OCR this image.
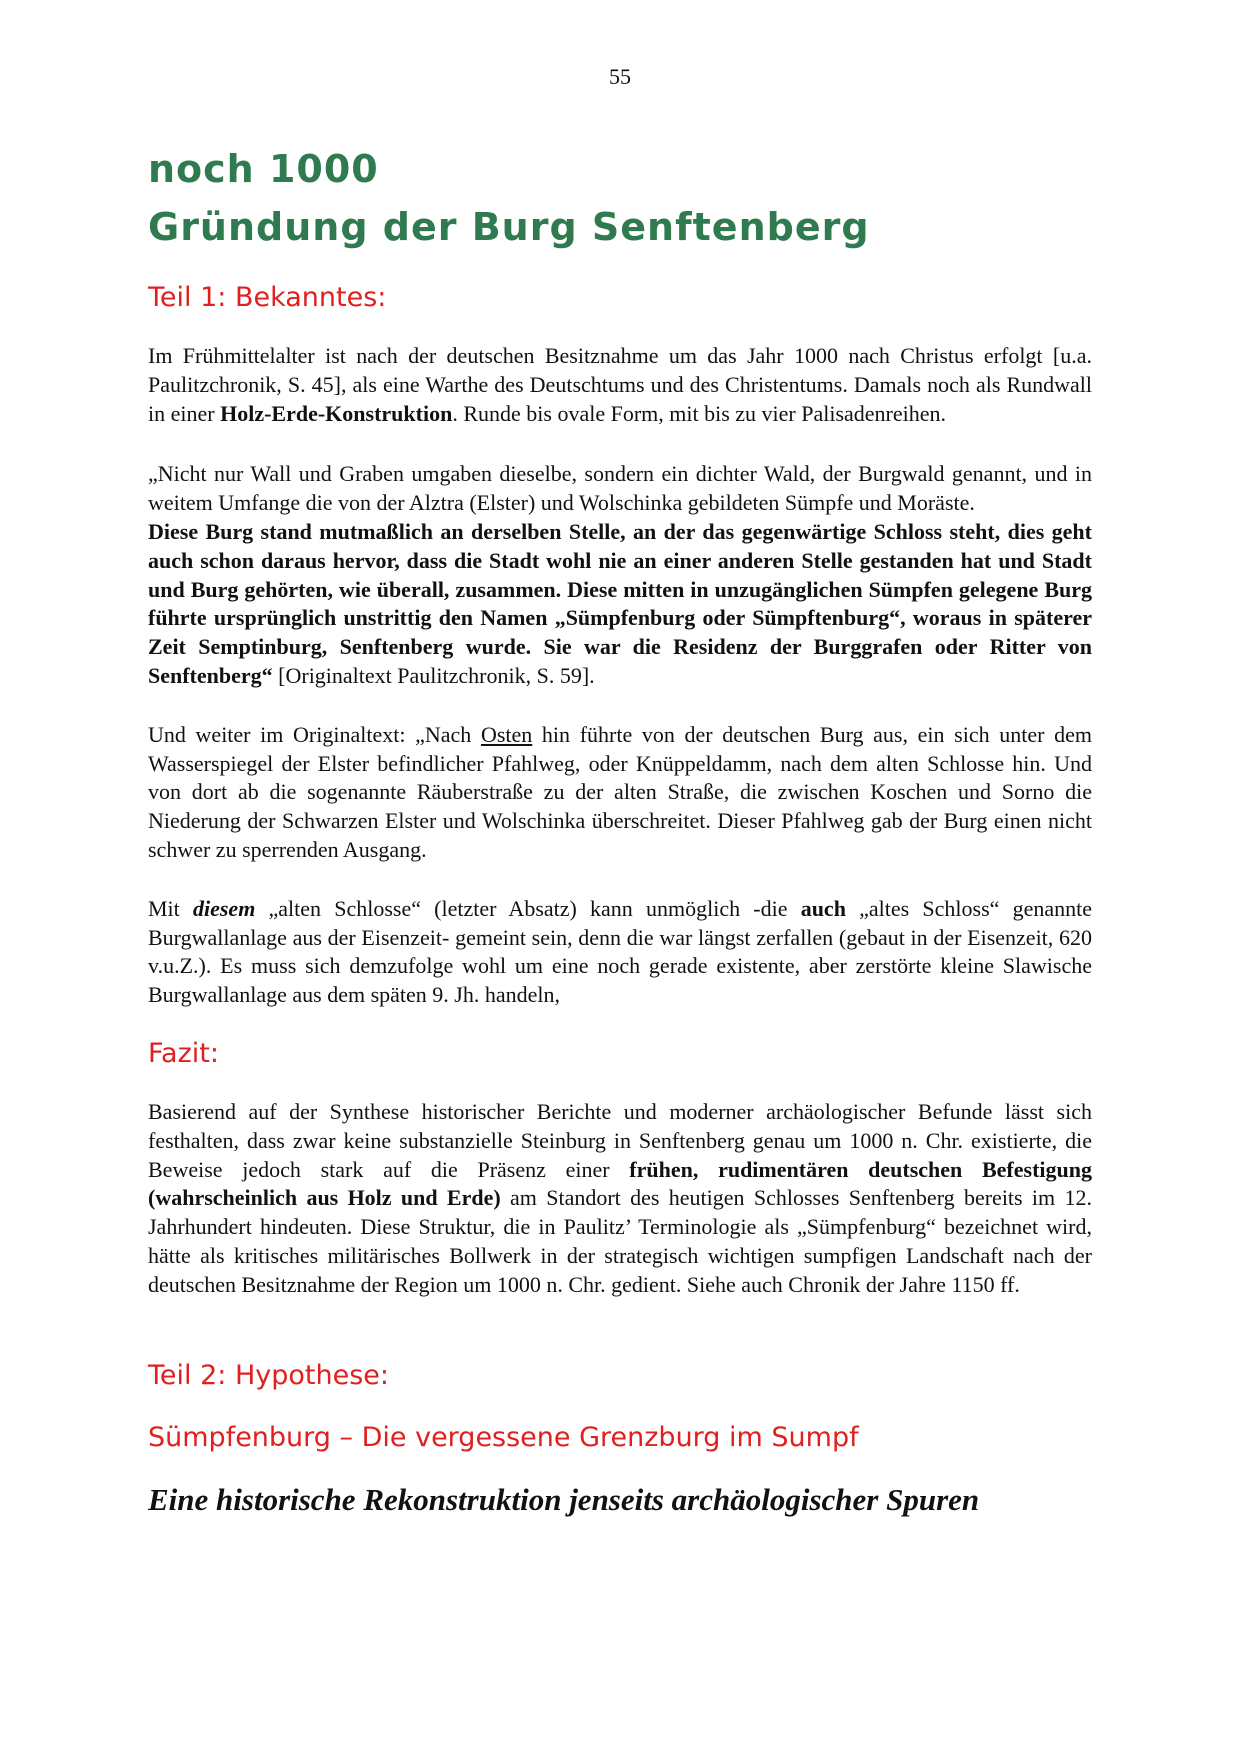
55
noch 1000
Gründung der Burg Senftenberg
Teil 1: Bekanntes:

Im Frühmittelalter ist nach der deutschen Besitznahme um das Jahr 1000 nach Christus erfolgt [u.a. Paulitzchronik, S. 45], als eine Warthe des Deutschtums und des Christentums. Damals noch als Rundwall in einer Holz-Erde-Konstruktion. Runde bis ovale Form, mit bis zu vier Palisadenreihen.

„Nicht nur Wall und Graben umgaben dieselbe, sondern ein dichter Wald, der Burgwald genannt, und in weitem Umfange die von der Alztra (Elster) und Wolschinka gebildeten Sümpfe und Moräste.

Diese Burg stand mutmaßlich an derselben Stelle, an der das gegenwärtige Schloss steht, dies geht auch schon daraus hervor, dass die Stadt wohl nie an einer anderen Stelle gestanden hat und Stadt und Burg gehörten, wie überall, zusammen. Diese mitten in unzugänglichen Sümpfen gelegene Burg führte ursprünglich unstrittig den Namen „Sümpfenburg oder Sümpftenburg“, woraus in späterer Zeit Semptinburg, Senftenberg wurde. Sie war die Residenz der Burggrafen oder Ritter von Senftenberg“ [Originaltext Paulitzchronik, S. 59].

Und weiter im Originaltext: „Nach Osten hin führte von der deutschen Burg aus, ein sich unter dem Wasserspiegel der Elster befindlicher Pfahlweg, oder Knüppeldamm, nach dem alten Schlosse hin. Und von dort ab die sogenannte Räuberstraße zu der alten Straße, die zwischen Koschen und Sorno die Niederung der Schwarzen Elster und Wolschinka überschreitet. Dieser Pfahlweg gab der Burg einen nicht schwer zu sperrenden Ausgang.

Mit diesem „alten Schlosse“ (letzter Absatz) kann unmöglich -die auch „altes Schloss“ genannte Burgwallanlage aus der Eisenzeit- gemeint sein, denn die war längst zerfallen (gebaut in der Eisenzeit, 620 v.u.Z.). Es muss sich demzufolge wohl um eine noch gerade existente, aber zerstörte kleine Slawische Burgwallanlage aus dem späten 9. Jh. handeln,

Fazit:

Basierend auf der Synthese historischer Berichte und moderner archäologischer Befunde lässt sich festhalten, dass zwar keine substanzielle Steinburg in Senftenberg genau um 1000 n. Chr. existierte, die Beweise jedoch stark auf die Präsenz einer frühen, rudimentären deutschen Befestigung (wahrscheinlich aus Holz und Erde) am Standort des heutigen Schlosses Senftenberg bereits im 12. Jahrhundert hindeuten. Diese Struktur, die in Paulitz’ Terminologie als „Sümpfenburg“ bezeichnet wird, hätte als kritisches militärisches Bollwerk in der strategisch wichtigen sumpfigen Landschaft nach der deutschen Besitznahme der Region um 1000 n. Chr. gedient. Siehe auch Chronik der Jahre 1150 ff.

Teil 2: Hypothese:
Sümpfenburg – Die vergessene Grenzburg im Sumpf
Eine historische Rekonstruktion jenseits archäologischer Spuren
